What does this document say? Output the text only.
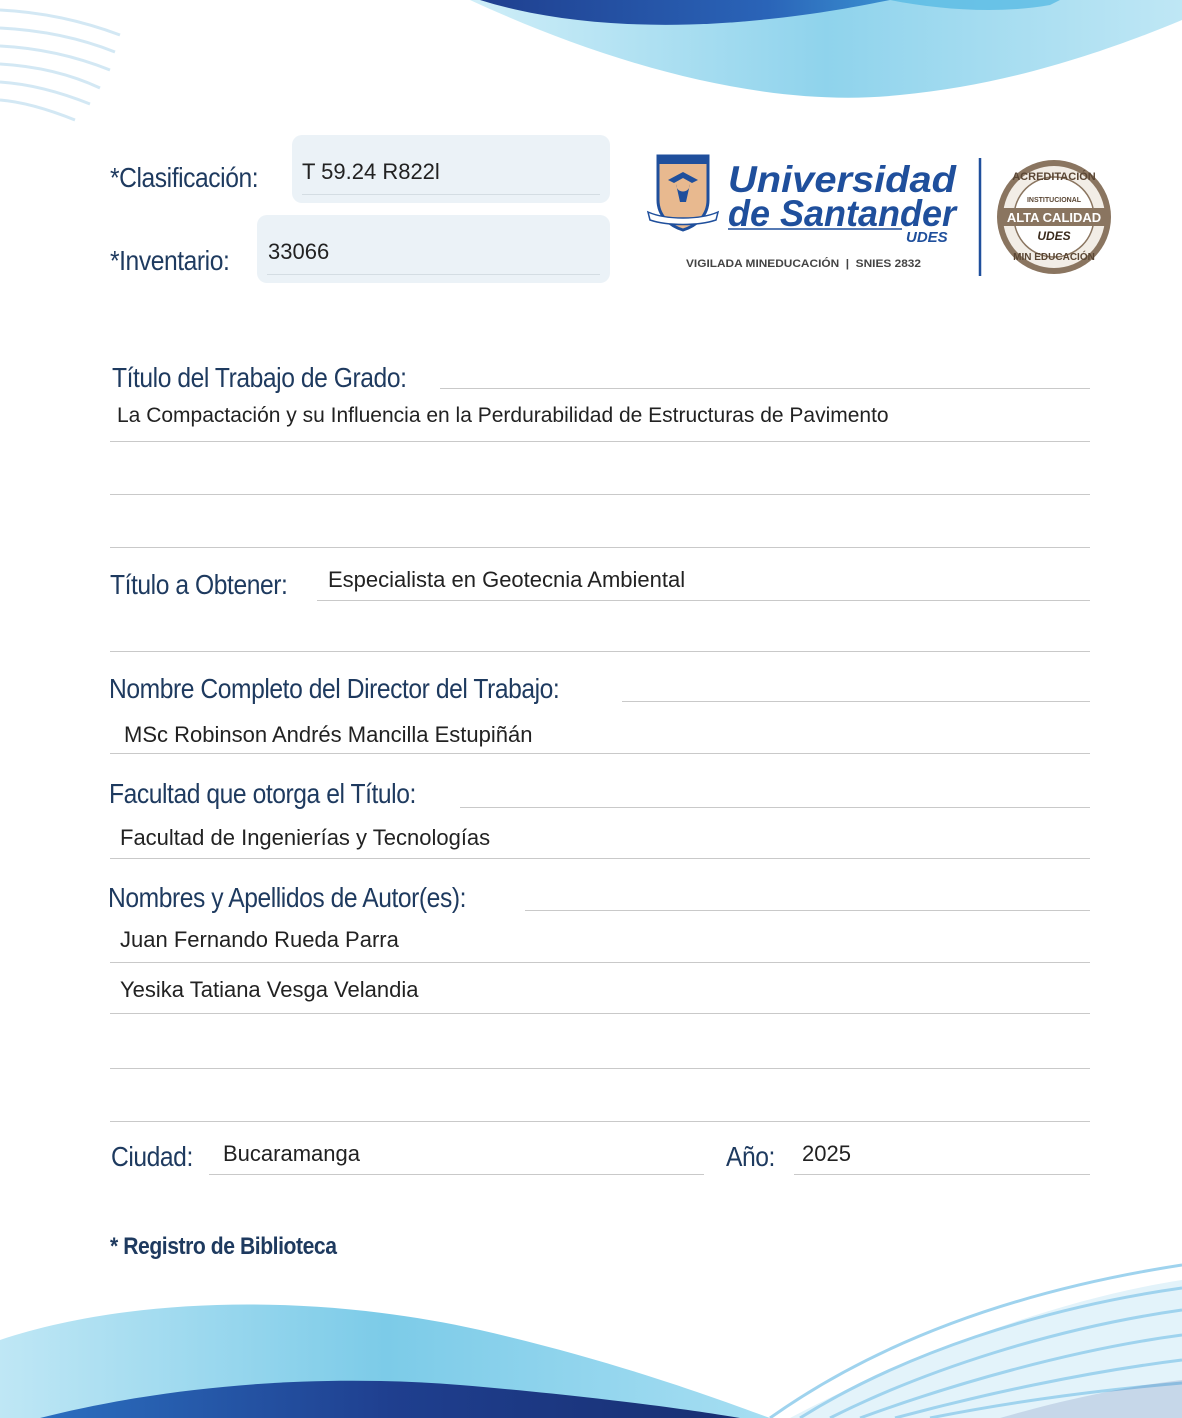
*Clasificación: T 59.24 R822l
*Inventario: 33066
Universidad
de Santander
UDES
VIGILADA MINEDUCACIÓN  |  SNIES 2832
ACREDITACIÓN
INSTITUCIONAL
ALTA CALIDAD
UDES
MIN EDUCACIÓN
Título del Trabajo de Grado:
La Compactación y su Influencia en la Perdurabilidad de Estructuras de Pavimento
Título a Obtener: Especialista en Geotecnia Ambiental
Nombre Completo del Director del Trabajo:
MSc Robinson Andrés Mancilla Estupiñán
Facultad que otorga el Título:
Facultad de Ingenierías y Tecnologías
Nombres y Apellidos de Autor(es):
Juan Fernando Rueda Parra
Yesika Tatiana Vesga Velandia
Ciudad: Bucaramanga	Año: 2025
* Registro de Biblioteca
